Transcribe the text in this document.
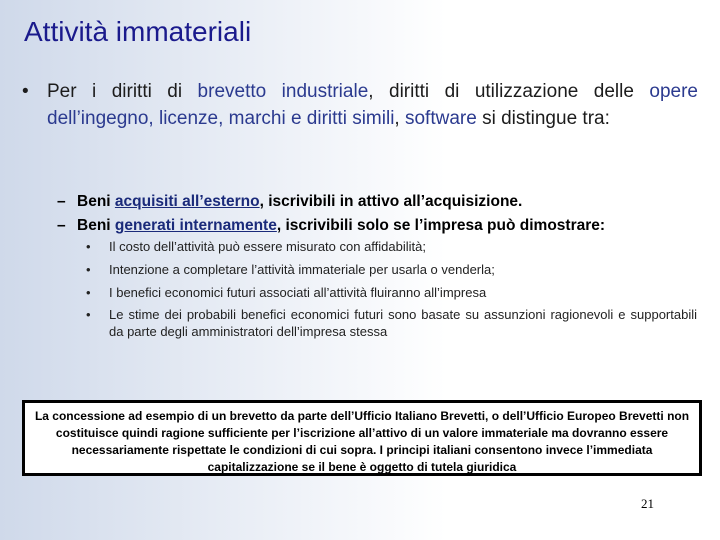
Attività immateriali
• Per i diritti di brevetto industriale, diritti di utilizzazione delle opere dell’ingegno, licenze, marchi e diritti simili, software si distingue tra:
– Beni acquisiti all’esterno, iscrivibili in attivo all’acquisizione.
– Beni generati internamente, iscrivibili solo se l’impresa può dimostrare:
• Il costo dell’attività può essere misurato con affidabilità;
• Intenzione a completare l’attività immateriale per usarla o venderla;
• I benefici economici futuri associati all’attività fluiranno all’impresa
• Le stime dei probabili benefici economici futuri sono basate su assunzioni ragionevoli e supportabili da parte degli amministratori dell’impresa stessa
La concessione ad esempio di un brevetto da parte dell’Ufficio Italiano Brevetti, o dell’Ufficio Europeo Brevetti non costituisce quindi ragione sufficiente per l’iscrizione all’attivo di un valore immateriale ma dovranno essere necessariamente rispettate le condizioni di cui sopra. I principi italiani consentono invece l’immediata capitalizzazione se il bene è oggetto di tutela giuridica
21
